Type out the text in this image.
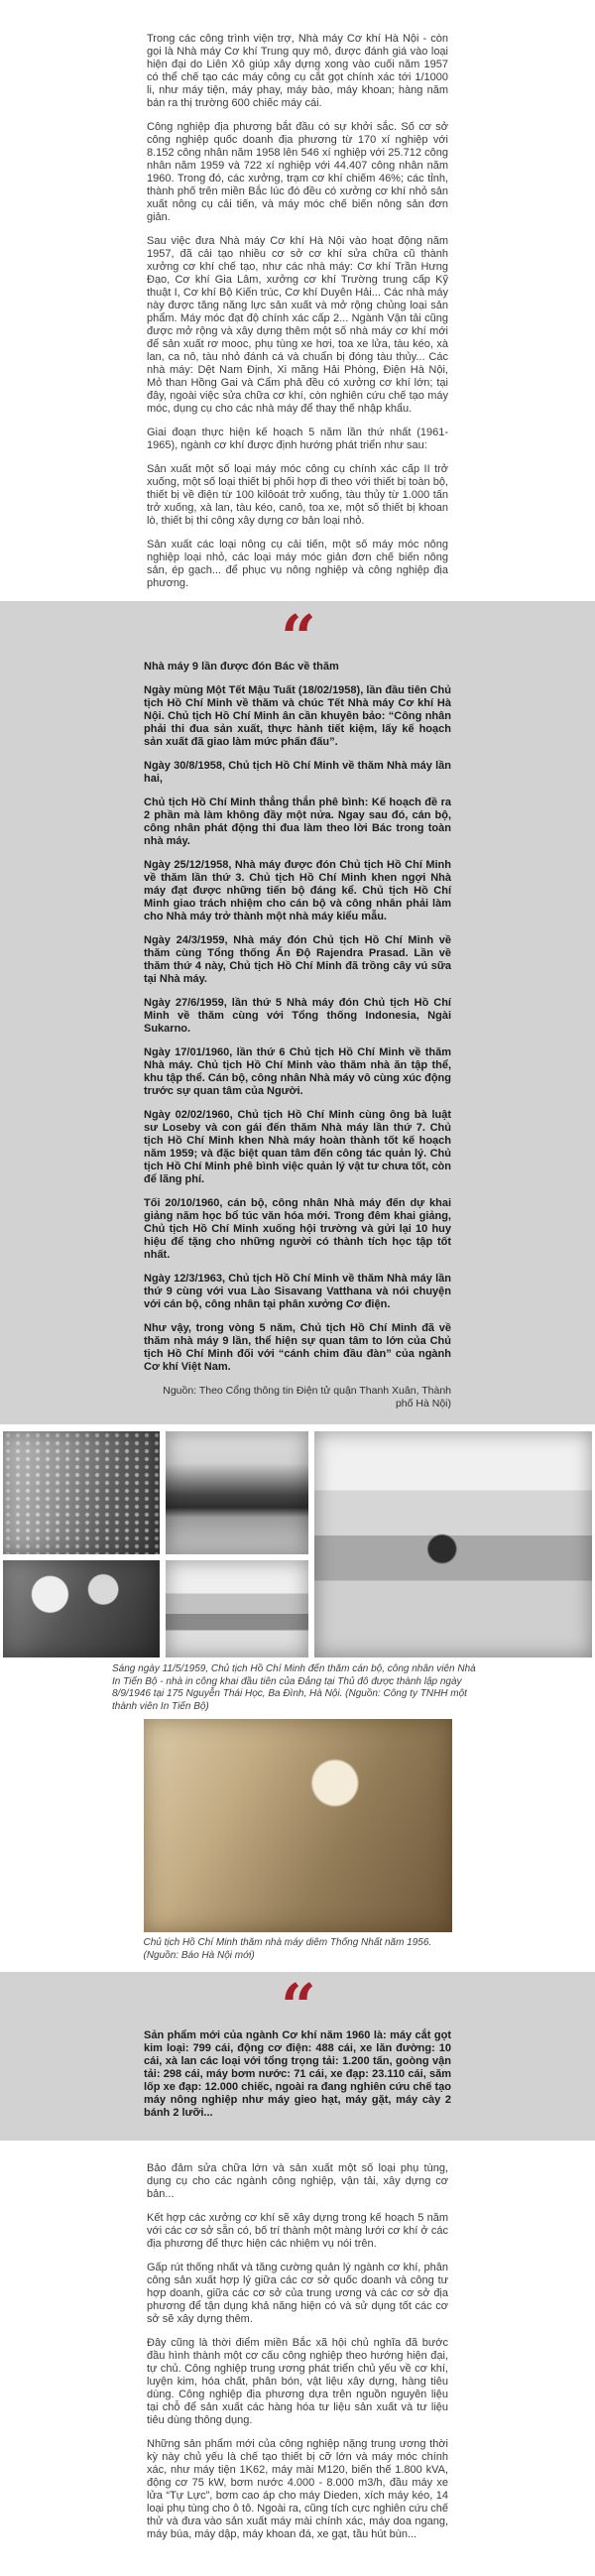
Trong các công trình viện trợ, Nhà máy Cơ khí Hà Nội - còn gọi là Nhà máy Cơ khí Trung quy mô, được đánh giá vào loại hiện đại do Liên Xô giúp xây dựng xong vào cuối năm 1957 có thể chế tạo các máy công cụ cắt gọt chính xác tới 1/1000 li, như máy tiện, máy phay, máy bào, máy khoan; hàng năm bán ra thị trường 600 chiếc máy cái.

Công nghiệp địa phương bắt đầu có sự khởi sắc. Số cơ sở công nghiệp quốc doanh địa phương từ 170 xí nghiệp với 8.152 công nhân năm 1958 lên 546 xí nghiệp với 25.712 công nhân năm 1959 và 722 xí nghiệp với 44.407 công nhân năm 1960. Trong đó, các xưởng, trạm cơ khí chiếm 46%; các tỉnh, thành phố trên miền Bắc lúc đó đều có xưởng cơ khí nhỏ sản xuất nông cụ cải tiến, và máy móc chế biến nông sản đơn giản.

Sau việc đưa Nhà máy Cơ khí Hà Nội vào hoạt động năm 1957, đã cải tạo nhiều cơ sở cơ khí sửa chữa cũ thành xưởng cơ khí chế tạo, như các nhà máy: Cơ khí Trần Hưng Đạo, Cơ khí Gia Lâm, xưởng cơ khí Trường trung cấp Kỹ thuật I, Cơ khí Bộ Kiến trúc, Cơ khí Duyên Hải... Các nhà máy này được tăng năng lực sản xuất và mở rộng chủng loại sản phẩm. Máy móc đạt độ chính xác cấp 2... Ngành Vận tải cũng được mở rộng và xây dựng thêm một số nhà máy cơ khí mới để sản xuất rơ mooc, phụ tùng xe hơi, toa xe lửa, tàu kéo, xà lan, ca nô, tàu nhỏ đánh cá và chuẩn bị đóng tàu thủy... Các nhà máy: Dệt Nam Định, Xi măng Hải Phòng, Điện Hà Nội, Mỏ than Hồng Gai và Cẩm phả đều có xưởng cơ khí lớn; tại đây, ngoài việc sửa chữa cơ khí, còn nghiên cứu chế tạo máy móc, dụng cụ cho các nhà máy để thay thế nhập khẩu.

Giai đoạn thực hiện kế hoạch 5 năm lần thứ nhất (1961-1965), ngành cơ khí được định hướng phát triển như sau:

Sản xuất một số loại máy móc công cụ chính xác cấp II trở xuống, một số loại thiết bị phối hợp đi theo với thiết bị toàn bộ, thiết bị về điện từ 100 kilôoát trở xuống, tàu thủy từ 1.000 tấn trở xuống, xà lan, tàu kéo, canô, toa xe, một số thiết bị khoan lò, thiết bị thi công xây dựng cơ bản loại nhỏ.

Sản xuất các loại nông cụ cải tiến, một số máy móc nông nghiệp loại nhỏ, các loại máy móc giản đơn chế biến nông sản, ép gạch... để phục vụ nông nghiệp và công nghiệp địa phương.

“

Nhà máy 9 lần được đón Bác về thăm

Ngày mùng Một Tết Mậu Tuất (18/02/1958), lần đầu tiên Chủ tịch Hồ Chí Minh về thăm và chúc Tết Nhà máy Cơ khí Hà Nội. Chủ tịch Hồ Chí Minh ân cần khuyên bảo: “Công nhân phải thi đua sản xuất, thực hành tiết kiệm, lấy kế hoạch sản xuất đã giao làm mức phấn đấu”.

Ngày 30/8/1958, Chủ tịch Hồ Chí Minh về thăm Nhà máy lần hai,

Chủ tịch Hồ Chí Minh thẳng thắn phê bình: Kế hoạch đề ra 2 phần mà làm không đầy một nửa. Ngay sau đó, cán bộ, công nhân phát động thi đua làm theo lời Bác trong toàn nhà máy.

Ngày 25/12/1958, Nhà máy được đón Chủ tịch Hồ Chí Minh về thăm lần thứ 3. Chủ tịch Hồ Chí Minh khen ngợi Nhà máy đạt được những tiến bộ đáng kể. Chủ tịch Hồ Chí Minh giao trách nhiệm cho cán bộ và công nhân phải làm cho Nhà máy trở thành một nhà máy kiểu mẫu.

Ngày 24/3/1959, Nhà máy đón Chủ tịch Hồ Chí Minh về thăm cùng Tổng thống Ấn Độ Rajendra Prasad. Lần về thăm thứ 4 này, Chủ tịch Hồ Chí Minh đã trồng cây vú sữa tại Nhà máy.

Ngày 27/6/1959, lần thứ 5 Nhà máy đón Chủ tịch Hồ Chí Minh về thăm cùng với Tổng thống Indonesia, Ngài Sukarno.

Ngày 17/01/1960, lần thứ 6 Chủ tịch Hồ Chí Minh về thăm Nhà máy. Chủ tịch Hồ Chí Minh vào thăm nhà ăn tập thể, khu tập thể. Cán bộ, công nhân Nhà máy vô cùng xúc động trước sự quan tâm của Người.

Ngày 02/02/1960, Chủ tịch Hồ Chí Minh cùng ông bà luật sư Loseby và con gái đến thăm Nhà máy lần thứ 7. Chủ tịch Hồ Chí Minh khen Nhà máy hoàn thành tốt kế hoạch năm 1959; và đặc biệt quan tâm đến công tác quản lý. Chủ tịch Hồ Chí Minh phê bình việc quản lý vật tư chưa tốt, còn để lãng phí.

Tối 20/10/1960, cán bộ, công nhân Nhà máy đến dự khai giảng năm học bổ túc văn hóa mới. Trong đêm khai giảng, Chủ tịch Hồ Chí Minh xuống hội trường và gửi lại 10 huy hiệu để tặng cho những người có thành tích học tập tốt nhất.

Ngày 12/3/1963, Chủ tịch Hồ Chí Minh về thăm Nhà máy lần thứ 9 cùng với vua Lào Sisavang Vatthana và nói chuyện với cán bộ, công nhân tại phân xưởng Cơ điện.

Như vậy, trong vòng 5 năm, Chủ tịch Hồ Chí Minh đã về thăm nhà máy 9 lần, thể hiện sự quan tâm to lớn của Chủ tịch Hồ Chí Minh đối với “cánh chim đầu đàn” của ngành Cơ khí Việt Nam.

Nguồn: Theo Cổng thông tin Điện tử quận Thanh Xuân, Thành phố Hà Nội)

Sáng ngày 11/5/1959, Chủ tịch Hồ Chí Minh đến thăm cán bộ, công nhân viên Nhà In Tiến Bộ - nhà in công khai đầu tiên của Đảng tại Thủ đô được thành lập ngày 8/9/1946 tại 175 Nguyễn Thái Học, Ba Đình, Hà Nội. (Nguồn: Công ty TNHH một thành viên In Tiến Bộ)
Chủ tịch Hồ Chí Minh thăm nhà máy diêm Thống Nhất năm 1956.
(Nguồn: Báo Hà Nội mới)
“

Sản phẩm mới của ngành Cơ khí năm 1960 là: máy cắt gọt kim loại: 799 cái, động cơ điện: 488 cái, xe lăn đường: 10 cái, xà lan các loại với tổng trọng tải: 1.200 tấn, goòng vận tải: 298 cái, máy bơm nước: 71 cái, xe đạp: 23.110 cái, săm lốp xe đạp: 12.000 chiếc, ngoài ra đang nghiên cứu chế tạo máy nông nghiệp như máy gieo hạt, máy gặt, máy cày 2 bánh 2 lưỡi...

Bảo đảm sửa chữa lớn và sản xuất một số loại phụ tùng, dụng cụ cho các ngành công nghiệp, vận tải, xây dựng cơ bản...

Kết hợp các xưởng cơ khí sẽ xây dựng trong kế hoạch 5 năm với các cơ sở sẵn có, bố trí thành một màng lưới cơ khí ở các địa phương để thực hiện các nhiệm vụ nói trên.

Gấp rút thống nhất và tăng cường quản lý ngành cơ khí, phân công sản xuất hợp lý giữa các cơ sở quốc doanh và công tư hợp doanh, giữa các cơ sở của trung ương và các cơ sở địa phương để tận dụng khả năng hiện có và sử dụng tốt các cơ sở sẽ xây dựng thêm.

Đây cũng là thời điểm miền Bắc xã hội chủ nghĩa đã bước đầu hình thành một cơ cấu công nghiệp theo hướng hiện đại, tự chủ. Công nghiệp trung ương phát triển chủ yếu về cơ khí, luyện kim, hóa chất, phân bón, vật liệu xây dựng, hàng tiêu dùng. Công nghiệp địa phương dựa trên nguồn nguyên liệu tại chỗ để sản xuất các hàng hóa tư liệu sản xuất và tư liệu tiêu dùng thông dụng.

Những sản phẩm mới của công nghiệp nặng trung ương thời kỳ này chủ yếu là chế tạo thiết bị cỡ lớn và máy móc chính xác, như máy tiện 1K62, máy mài M120, biến thế 1.800 kVA, động cơ 75 kW, bơm nước 4.000 - 8.000 m3/h, đầu máy xe lửa “Tự Lực”, bơm cao áp cho máy Dieden, xích máy kéo, 14 loại phụ tùng cho ô tô. Ngoài ra, cũng tích cực nghiên cứu chế thử và đưa vào sản xuất máy mài chính xác, máy doa ngang, máy búa, máy dập, máy khoan đá, xe gạt, tầu hút bùn...
